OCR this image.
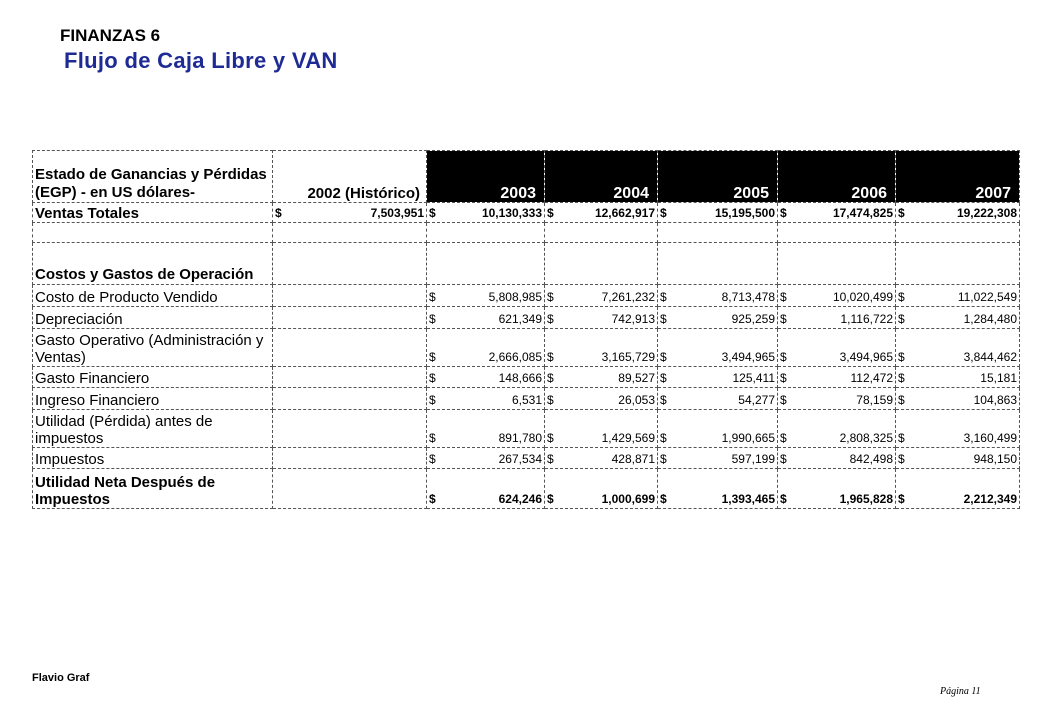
FINANZAS 6
Flujo de Caja Libre y VAN
Estado de Ganancias y Pérdidas (EGP) - en US dólares-	2002 (Histórico)	2003	2004	2005	2006	2007
Ventas Totales	$ 7,503,951	$ 10,130,333	$ 12,662,917	$ 15,195,500	$ 17,474,825	$ 19,222,308

Costos y Gastos de Operación						
Costo de Producto Vendido		$ 5,808,985	$ 7,261,232	$ 8,713,478	$ 10,020,499	$ 11,022,549

Depreciación		$ 621,349	$ 742,913	$ 925,259	$ 1,116,722	$ 1,284,480

Gasto Operativo (Administración y Ventas)		$ 2,666,085	$ 3,165,729	$ 3,494,965	$ 3,494,965	$ 3,844,462

Gasto Financiero		$ 148,666	$ 89,527	$ 125,411	$ 112,472	$ 15,181

Ingreso Financiero		$ 6,531	$ 26,053	$ 54,277	$ 78,159	$ 104,863

Utilidad (Pérdida) antes de impuestos		$ 891,780	$ 1,429,569	$ 1,990,665	$ 2,808,325	$ 3,160,499

Impuestos		$ 267,534	$ 428,871	$ 597,199	$ 842,498	$ 948,150

Utilidad Neta Después de Impuestos		$ 624,246	$ 1,000,699	$ 1,393,465	$ 1,965,828	$ 2,212,349
Flavio Graf
Página 11
